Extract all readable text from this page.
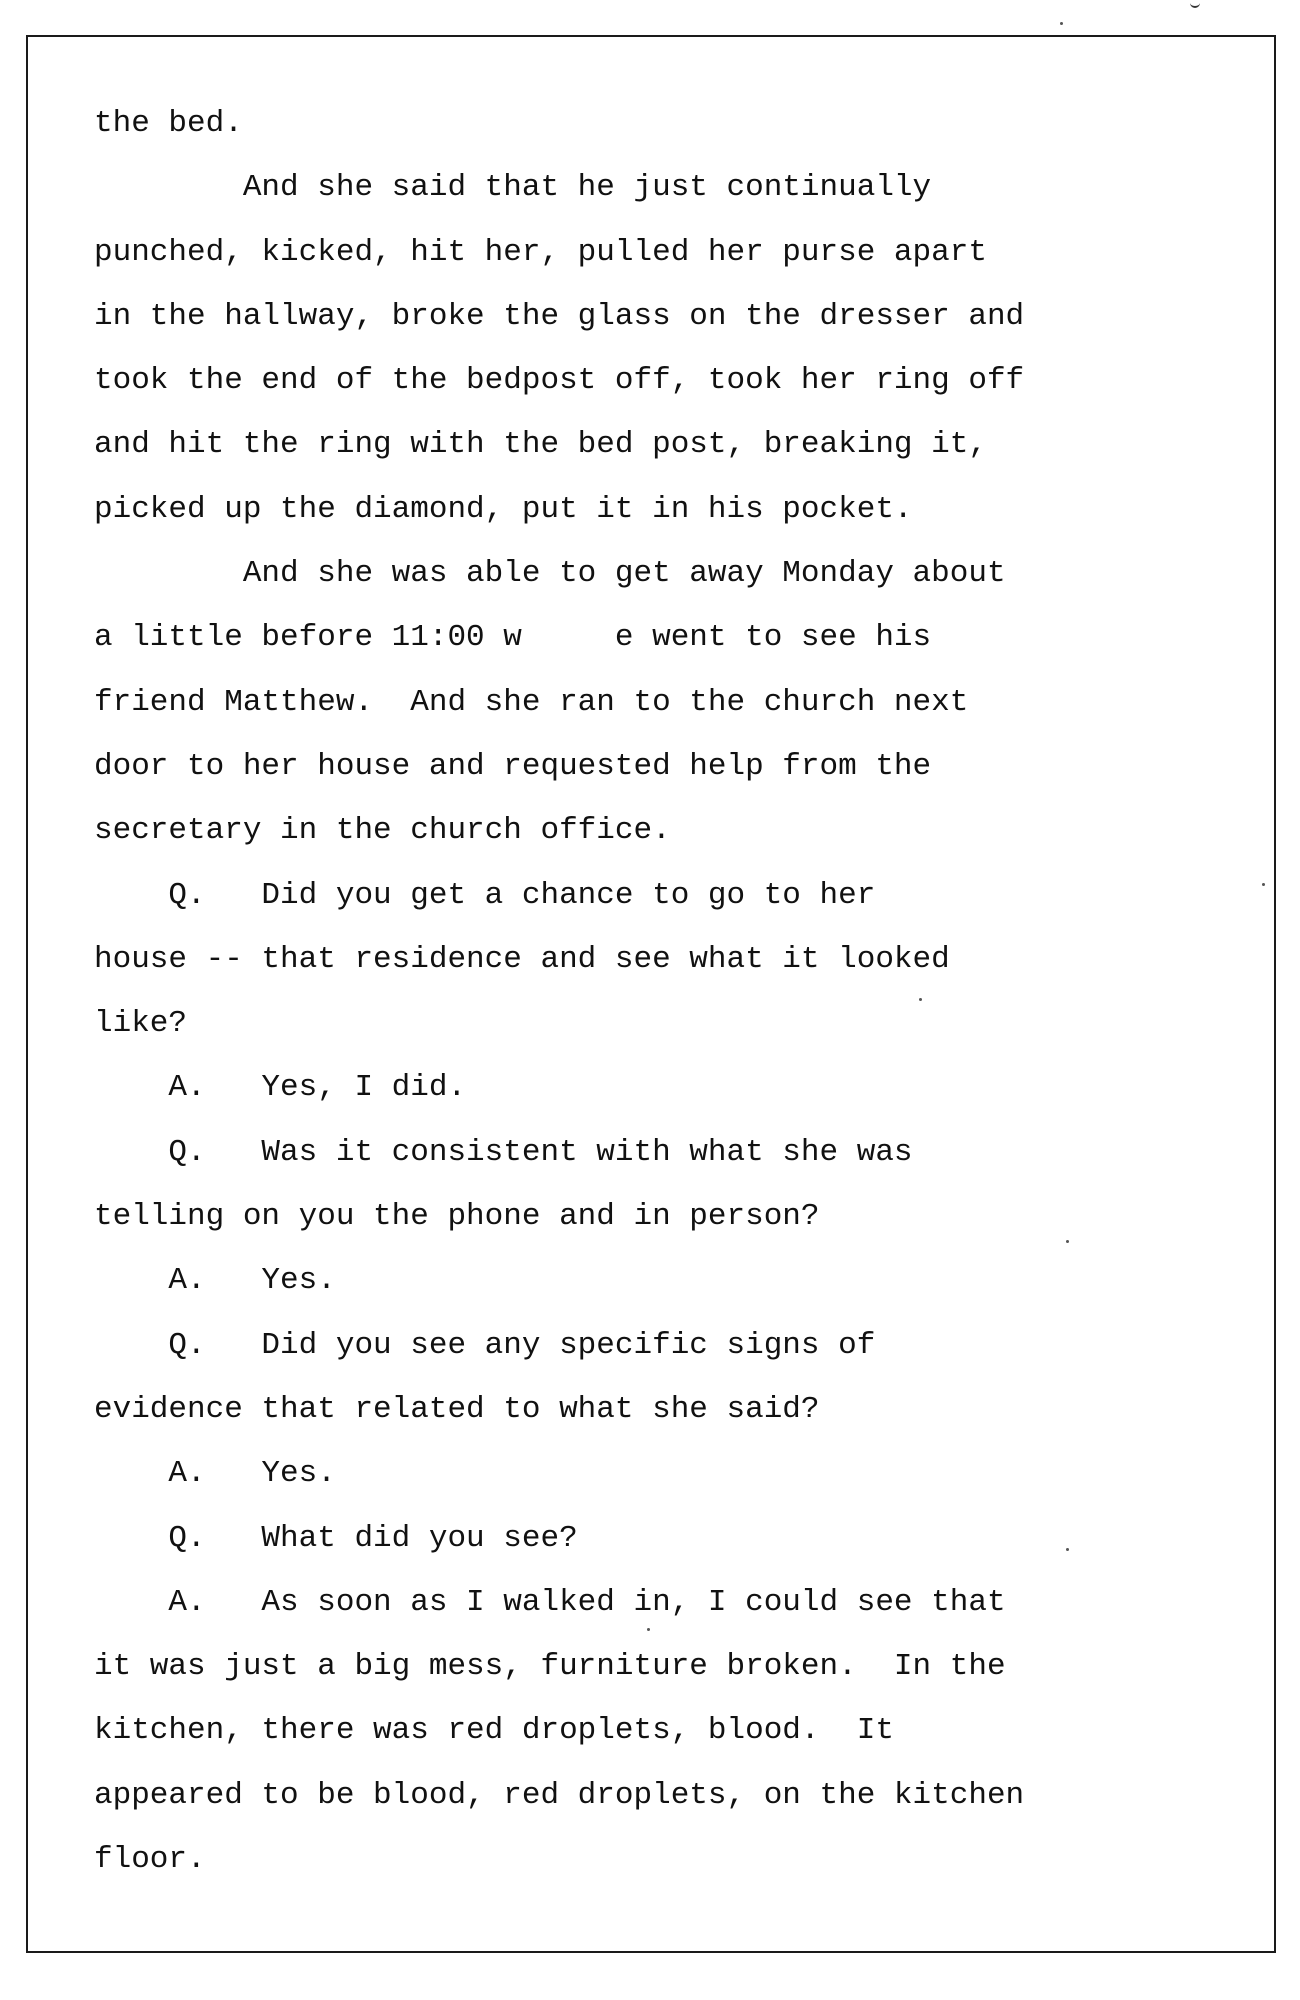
the bed.
And she said that he just continually
punched, kicked, hit her, pulled her purse apart
in the hallway, broke the glass on the dresser and
took the end of the bedpost off, took her ring off
and hit the ring with the bed post, breaking it,
picked up the diamond, put it in his pocket.
And she was able to get away Monday about
a little before 11:00 w     e went to see his
friend Matthew.  And she ran to the church next
door to her house and requested help from the
secretary in the church office.
Q.   Did you get a chance to go to her
house -- that residence and see what it looked
like?
A.   Yes, I did.
Q.   Was it consistent with what she was
telling on you the phone and in person?
A.   Yes.
Q.   Did you see any specific signs of
evidence that related to what she said?
A.   Yes.
Q.   What did you see?
A.   As soon as I walked in, I could see that
it was just a big mess, furniture broken.  In the
kitchen, there was red droplets, blood.  It
appeared to be blood, red droplets, on the kitchen
floor.
